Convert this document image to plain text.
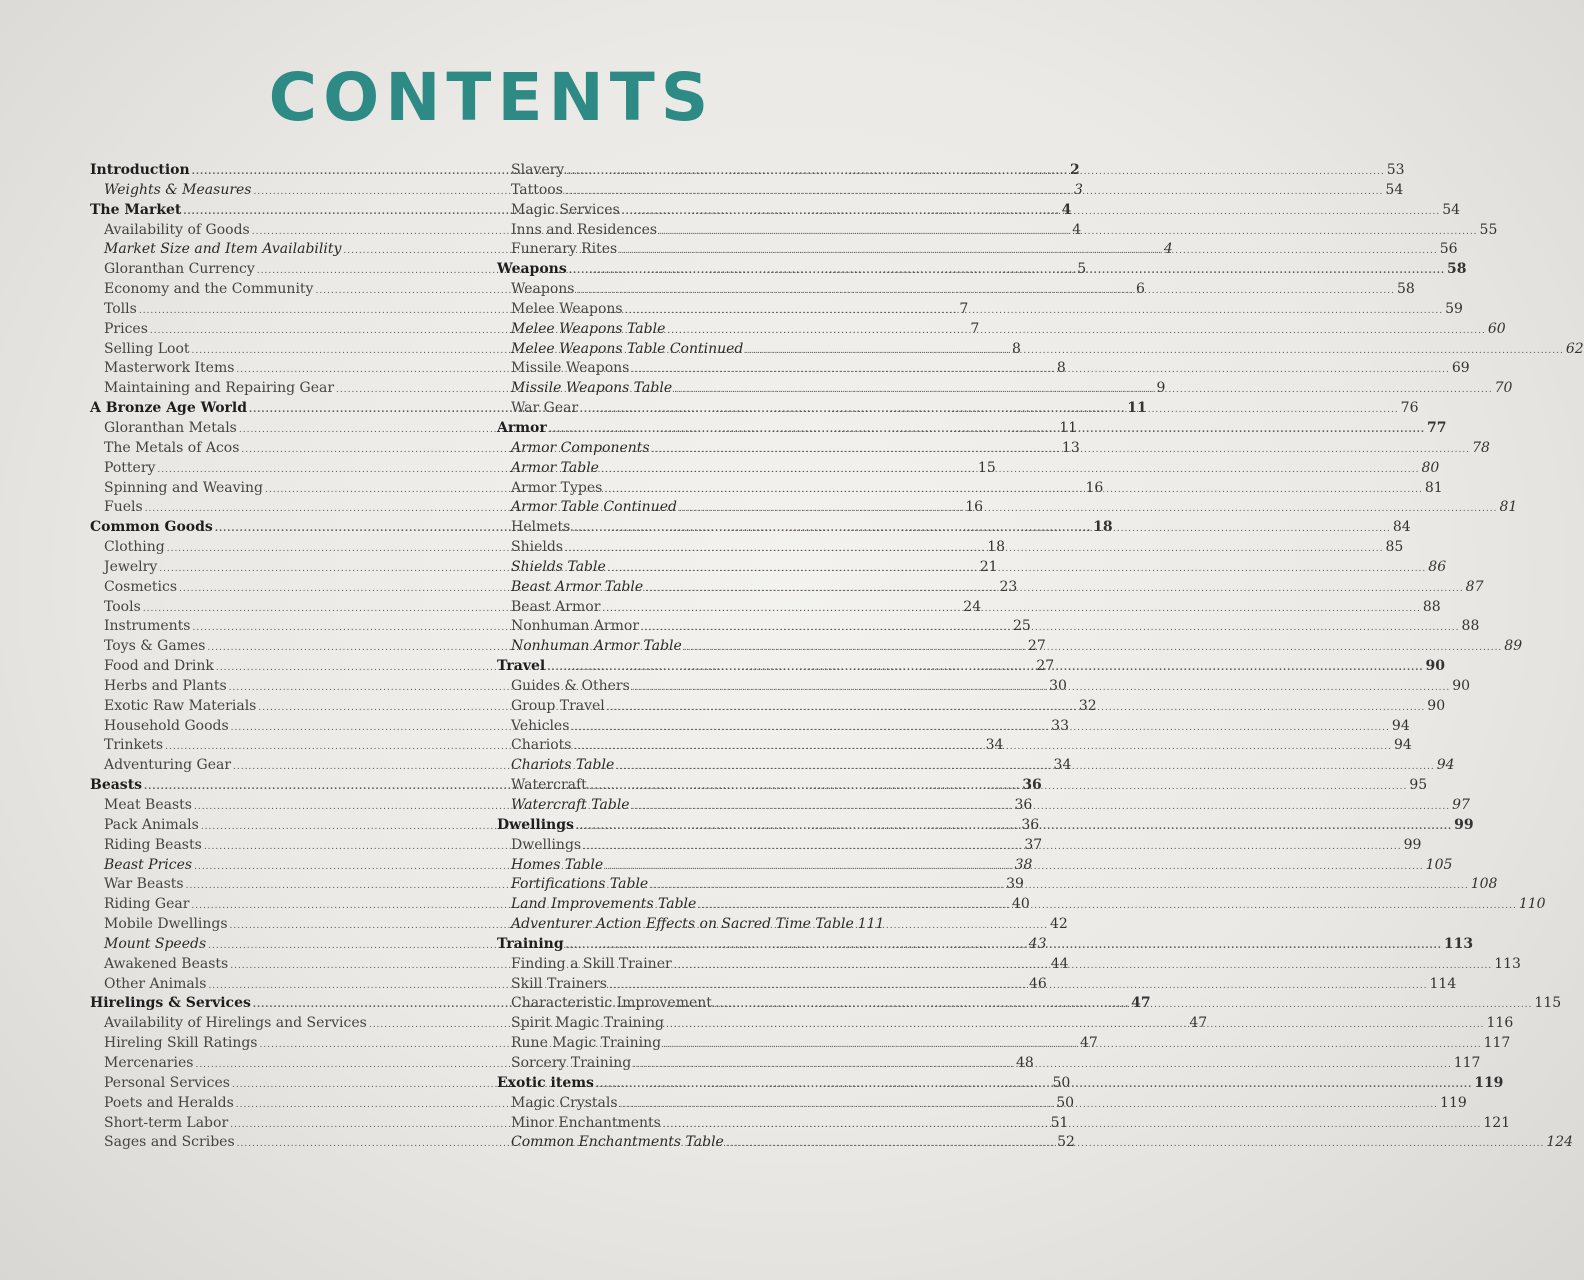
CONTENTS
Introduction .....	2
Weights & Measures .....	3
The Market .....	4
Availability of Goods .....	4
Market Size and Item Availability .....	4
Gloranthan Currency .....	5
Economy and the Community .....	6
Tolls .....	7
Prices .....	7
Selling Loot .....	8
Masterwork Items .....	8
Maintaining and Repairing Gear .....	9
A Bronze Age World .....	11
Gloranthan Metals .....	11
The Metals of Acos .....	13
Pottery .....	15
Spinning and Weaving .....	16
Fuels .....	16
Common Goods .....	18
Clothing .....	18
Jewelry .....	21
Cosmetics .....	23
Tools .....	24
Instruments .....	25
Toys & Games .....	27
Food and Drink .....	27
Herbs and Plants .....	30
Exotic Raw Materials .....	32
Household Goods .....	33
Trinkets .....	34
Adventuring Gear .....	34
Beasts .....	36
Meat Beasts .....	36
Pack Animals .....	36
Riding Beasts .....	37
Beast Prices .....	38
War Beasts .....	39
Riding Gear .....	40
Mobile Dwellings .....	42
Mount Speeds .....	43
Awakened Beasts .....	44
Other Animals .....	46
Hirelings & Services .....	47
Availability of Hirelings and Services .....	47
Hireling Skill Ratings .....	47
Mercenaries .....	48
Personal Services .....	50
Poets and Heralds .....	50
Short-term Labor .....	51
Sages and Scribes .....	52
Slavery .....	53
Tattoos .....	54
Magic Services .....	54
Inns and Residences .....	55
Funerary Rites .....	56
Weapons .....	58
Weapons .....	58
Melee Weapons .....	59
Melee Weapons Table .....	60
Melee Weapons Table Continued .....	62
Missile Weapons .....	69
Missile Weapons Table .....	70
War Gear .....	76
Armor .....	77
Armor Components .....	78
Armor Table .....	80
Armor Types .....	81
Armor Table Continued .....	81
Helmets .....	84
Shields .....	85
Shields Table .....	86
Beast Armor Table .....	87
Beast Armor .....	88
Nonhuman Armor .....	88
Nonhuman Armor Table .....	89
Travel .....	90
Guides & Others .....	90
Group Travel .....	90
Vehicles .....	94
Chariots .....	94
Chariots Table .....	94
Watercraft .....	95
Watercraft Table .....	97
Dwellings .....	99
Dwellings .....	99
Homes Table .....	105
Fortifications Table .....	108
Land Improvements Table .....	110
Adventurer Action Effects on Sacred Time Table 111
Training .....	113
Finding a Skill Trainer .....	113
Skill Trainers .....	114
Characteristic Improvement .....	115
Spirit Magic Training .....	116
Rune Magic Training .....	117
Sorcery Training .....	117
Exotic items .....	119
Magic Crystals .....	119
Minor Enchantments .....	121
Common Enchantments Table .....	124
